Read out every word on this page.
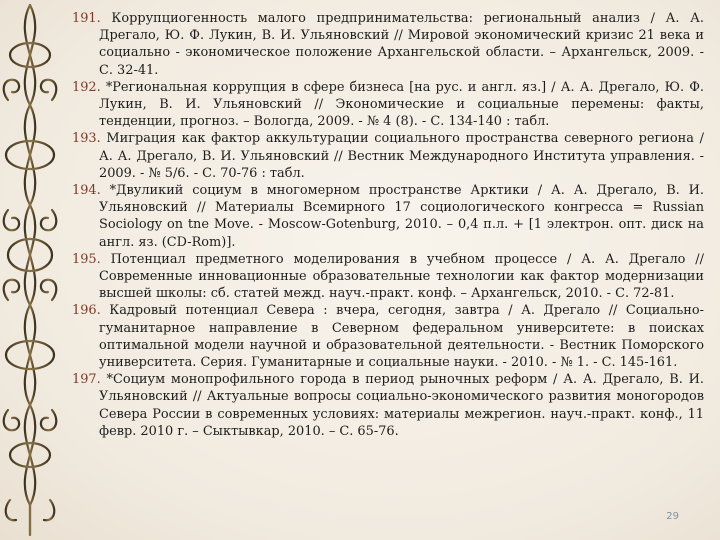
191. Коррупциогенность малого предпринимательства: региональный анализ / А. А. Дрегало, Ю. Ф. Лукин, В. И. Ульяновский // Мировой экономический кризис 21 века и социально - экономическое положение Архангельской области. – Архангельск, 2009. - С. 32-41.

192. *Региональная коррупция в сфере бизнеса [на рус. и англ. яз.] / А. А. Дрегало, Ю. Ф. Лукин, В. И. Ульяновский // Экономические и социальные перемены: факты, тенденции, прогноз. – Вологда, 2009. - № 4 (8). - С. 134-140 : табл.

193. Миграция как фактор аккультурации социального пространства северного региона / А. А. Дрегало, В. И. Ульяновский // Вестник Международного Института управления. - 2009. - № 5/6. - С. 70-76 : табл.

194. *Двуликий социум в многомерном пространстве Арктики / А. А. Дрегало, В. И. Ульяновский // Материалы Всемирного 17 социологического конгресса = Russian Sociology on tne Move. - Moscow-Gotenburg, 2010. – 0,4 п.л. + [1 электрон. опт. диск на англ. яз. (CD-Rom)].

195. Потенциал предметного моделирования в учебном процессе / А. А. Дрегало // Современные инновационные образовательные технологии как фактор модернизации высшей школы: сб. статей межд. науч.-практ. конф. – Архангельск, 2010. - С. 72-81.

196. Кадровый потенциал Севера : вчера, сегодня, завтра / А. Дрегало // Социально-гуманитарное направление в Северном федеральном университете: в поисках оптимальной модели научной и образовательной деятельности. - Вестник Поморского университета. Серия. Гуманитарные и социальные науки. - 2010. - № 1. - С. 145-161.

197. *Социум монопрофильного города в период рыночных реформ / А. А. Дрегало, В. И. Ульяновский // Актуальные вопросы социально-экономического развития моногородов Севера России в современных условиях: материалы межрегион. науч.-практ. конф., 11 февр. 2010 г. – Сыктывкар, 2010. – С. 65-76.

29
